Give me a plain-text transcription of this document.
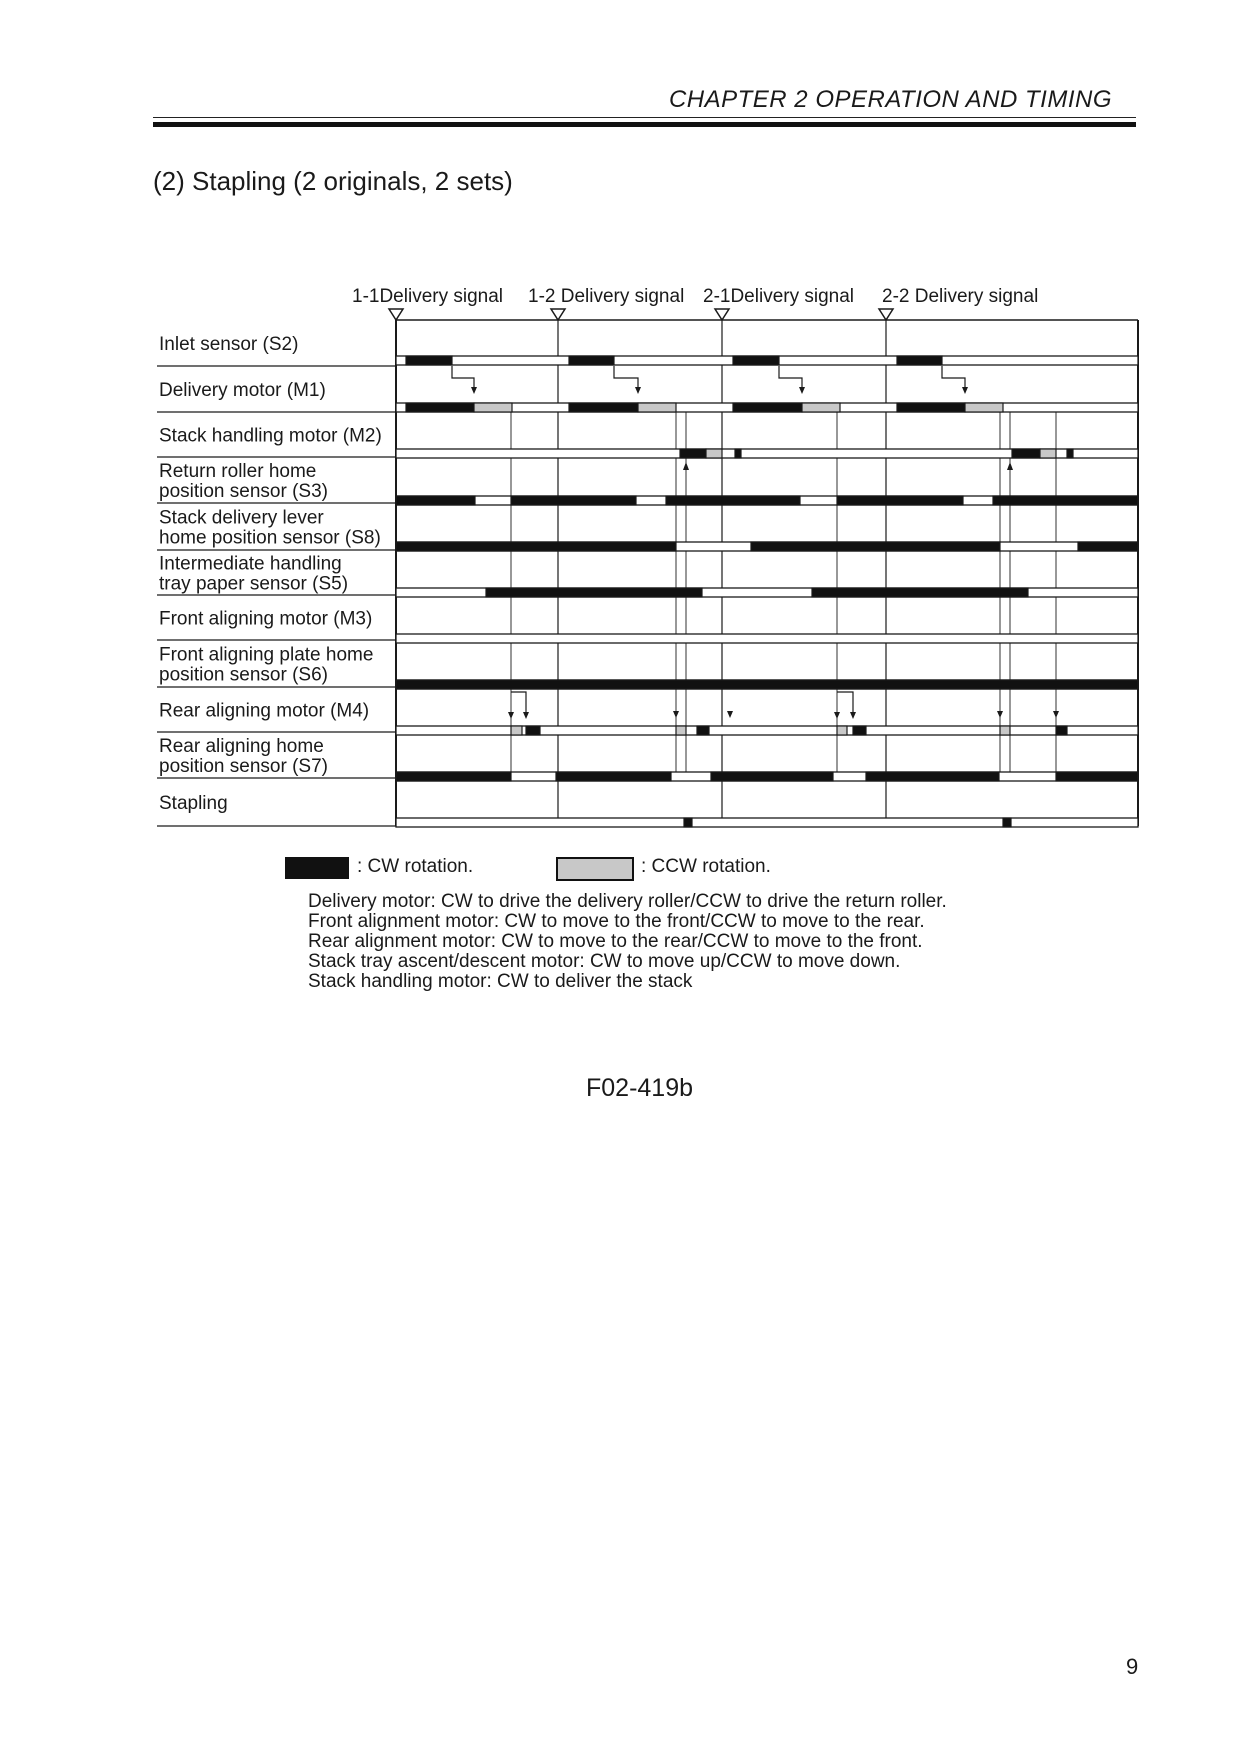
CHAPTER 2 OPERATION AND TIMING
(2) Stapling (2 originals, 2 sets)
1-1Delivery signal 1-2 Delivery signal 2-1Delivery signal 2-2 Delivery signal
Inlet sensor (S2)
Delivery motor (M1)
Stack handling motor (M2)
Return roller home
position sensor (S3)
Stack delivery lever
home position sensor (S8)
Intermediate handling
tray paper sensor (S5)
Front aligning motor (M3)
Front aligning plate home
position sensor (S6)
Rear aligning motor (M4)
Rear aligning home
position sensor (S7)
Stapling
: CW rotation.	: CCW rotation.
Delivery motor: CW to drive the delivery roller/CCW to drive the return roller.
Front alignment motor: CW to move to the front/CCW to move to the rear.
Rear alignment motor: CW to move to the rear/CCW to move to the front.
Stack tray ascent/descent motor: CW to move up/CCW to move down.
Stack handling motor: CW to deliver the stack
F02-419b
9
